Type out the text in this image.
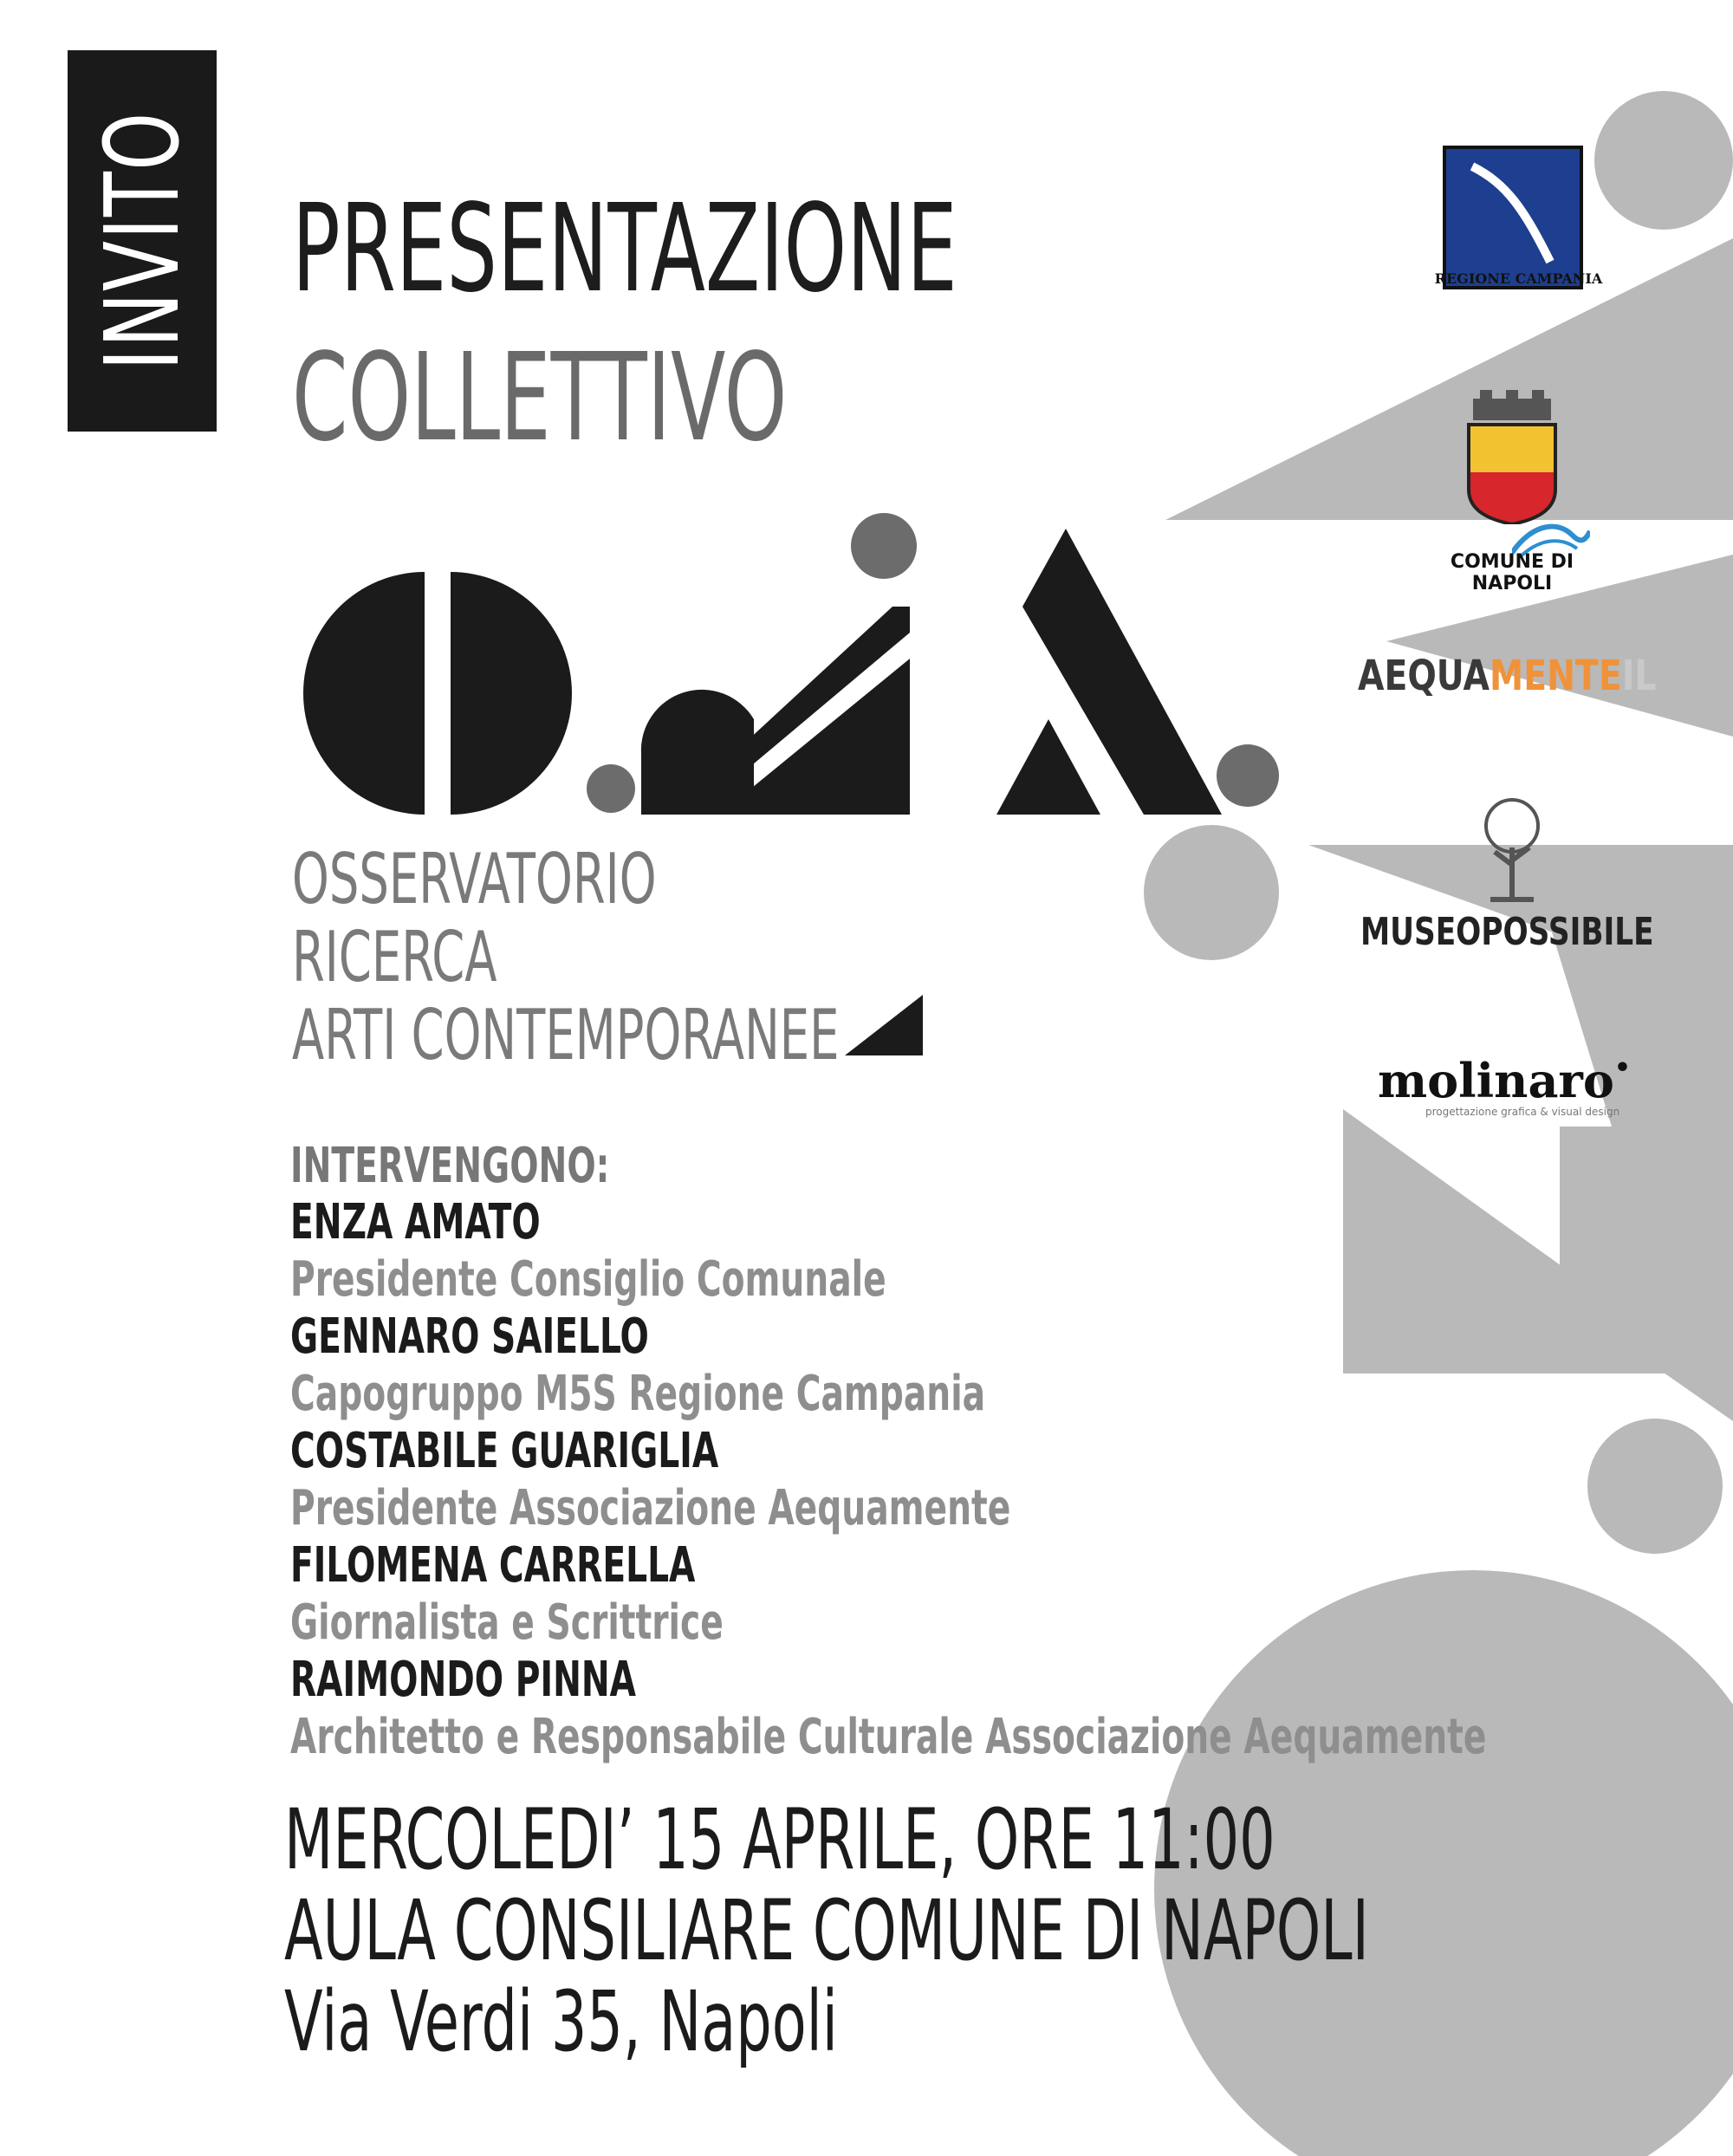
INVITO PRESENTAZIONE
COLLETTIVO
OSSERVATORIO
RICERCA
ARTI CONTEMPORANEE
INTERVENGONO:
ENZA AMATO
Presidente Consiglio Comunale
GENNARO SAIELLO
Capogruppo M5S Regione Campania
COSTABILE GUARIGLIA
Presidente Associazione Aequamente
FILOMENA CARRELLA
Giornalista e Scrittrice
RAIMONDO PINNA
Architetto e Responsabile Culturale Associazione Aequamente
MERCOLEDI’ 15 APRILE, ORE 11:00
AULA CONSILIARE COMUNE DI NAPOLI
Via Verdi 35, Napoli
REGIONE CAMPANIA
COMUNE DI NAPOLI
AEQUAMENTEΙL
MUSEOPOSSIBILE
molinaro•
progettazione grafica & visual design
